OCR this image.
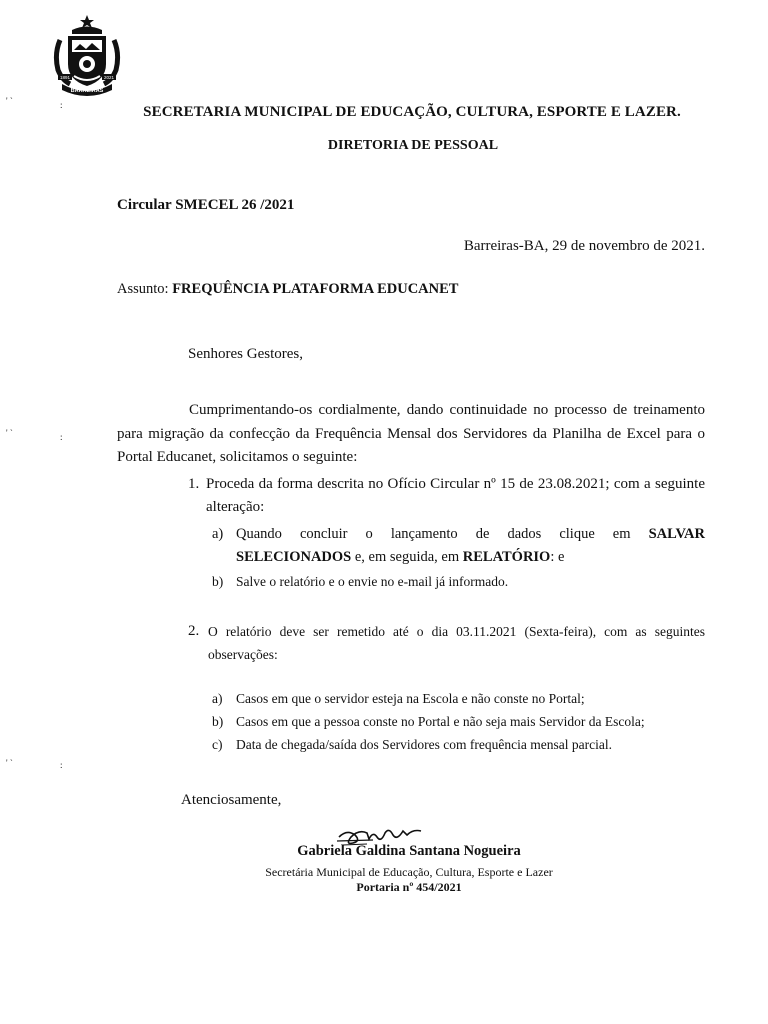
1891	2021
BARREIRAS
SECRETARIA MUNICIPAL DE EDUCAÇÃO, CULTURA, ESPORTE E LAZER.
DIRETORIA DE PESSOAL
Circular SMECEL 26 /2021
Barreiras-BA, 29 de novembro de 2021.
Assunto: FREQUÊNCIA PLATAFORMA EDUCANET
Senhores Gestores,

Cumprimentando-os cordialmente, dando continuidade no processo de treinamento para migração da confecção da Frequência Mensal dos Servidores da Planilha de Excel para o Portal Educanet, solicitamos o seguinte:

1. Proceda da forma descrita no Ofício Circular nº 15 de 23.08.2021; com a seguinte alteração:
a) Quando concluir o lançamento de dados clique em SALVAR SELECIONADOS e, em seguida, em RELATÓRIO: e
b) Salve o relatório e o envie no e-mail já informado.
2. O relatório deve ser remetido até o dia 03.11.2021 (Sexta-feira), com as seguintes observações:
a) Casos em que o servidor esteja na Escola e não conste no Portal;
b) Casos em que a pessoa conste no Portal e não seja mais Servidor da Escola;
c) Data de chegada/saída dos Servidores com frequência mensal parcial.
Atenciosamente,
Gabriela Galdina Santana Nogueira
Secretária Municipal de Educação, Cultura, Esporte e Lazer
Portaria nº 454/2021
' `	:
' `	:
' `	:
